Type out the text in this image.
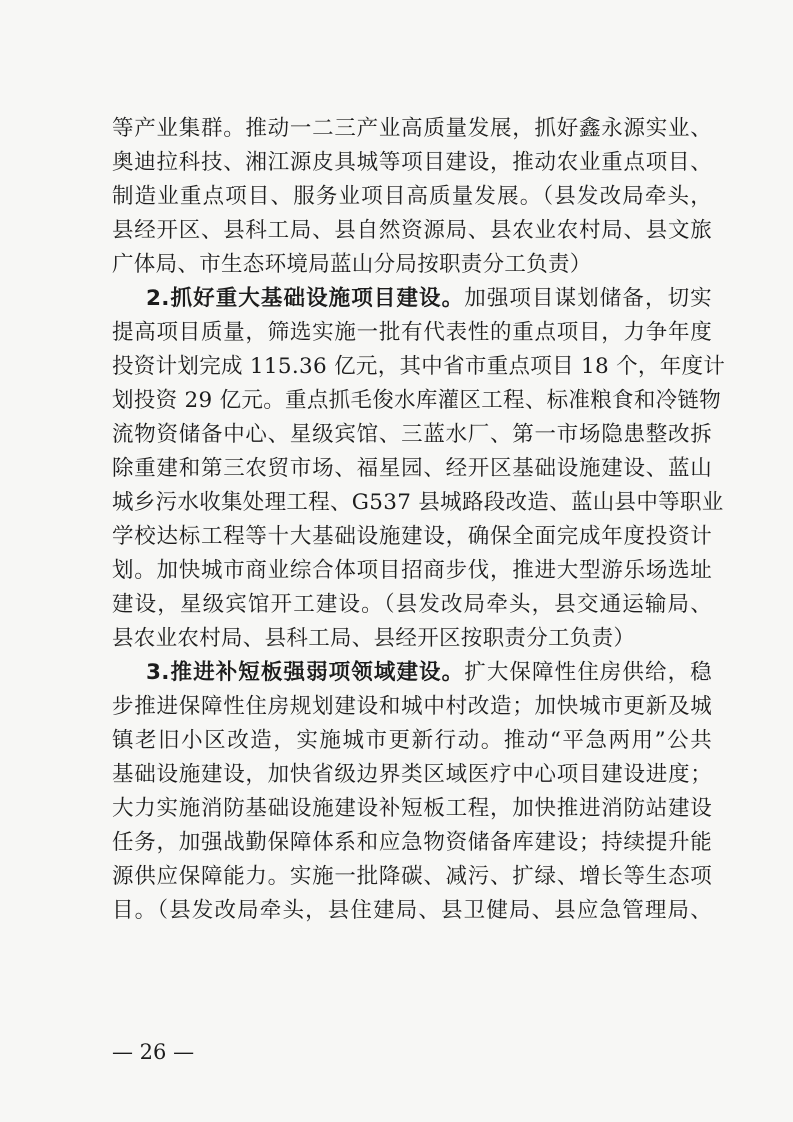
等产业集群。推动一二三产业高质量发展，抓好鑫永源实业、
奥迪拉科技、湘江源皮具城等项目建设，推动农业重点项目、
制造业重点项目、服务业项目高质量发展。（县发改局牵头，
县经开区、县科工局、县自然资源局、县农业农村局、县文旅
广体局、市生态环境局蓝山分局按职责分工负责）
2.抓好重大基础设施项目建设。加强项目谋划储备，切实
提高项目质量，筛选实施一批有代表性的重点项目，力争年度
投资计划完成 115.36 亿元，其中省市重点项目 18 个，年度计
划投资 29 亿元。重点抓毛俊水库灌区工程、标准粮食和冷链物
流物资储备中心、星级宾馆、三蓝水厂、第一市场隐患整改拆
除重建和第三农贸市场、福星园、经开区基础设施建设、蓝山
城乡污水收集处理工程、G537 县城路段改造、蓝山县中等职业
学校达标工程等十大基础设施建设，确保全面完成年度投资计
划。加快城市商业综合体项目招商步伐，推进大型游乐场选址
建设，星级宾馆开工建设。（县发改局牵头，县交通运输局、
县农业农村局、县科工局、县经开区按职责分工负责）
3.推进补短板强弱项领域建设。扩大保障性住房供给，稳
步推进保障性住房规划建设和城中村改造；加快城市更新及城
镇老旧小区改造，实施城市更新行动。推动“平急两用”公共
基础设施建设，加快省级边界类区域医疗中心项目建设进度；
大力实施消防基础设施建设补短板工程，加快推进消防站建设
任务，加强战勤保障体系和应急物资储备库建设；持续提升能
源供应保障能力。实施一批降碳、减污、扩绿、增长等生态项
目。（县发改局牵头，县住建局、县卫健局、县应急管理局、
— 26 —
